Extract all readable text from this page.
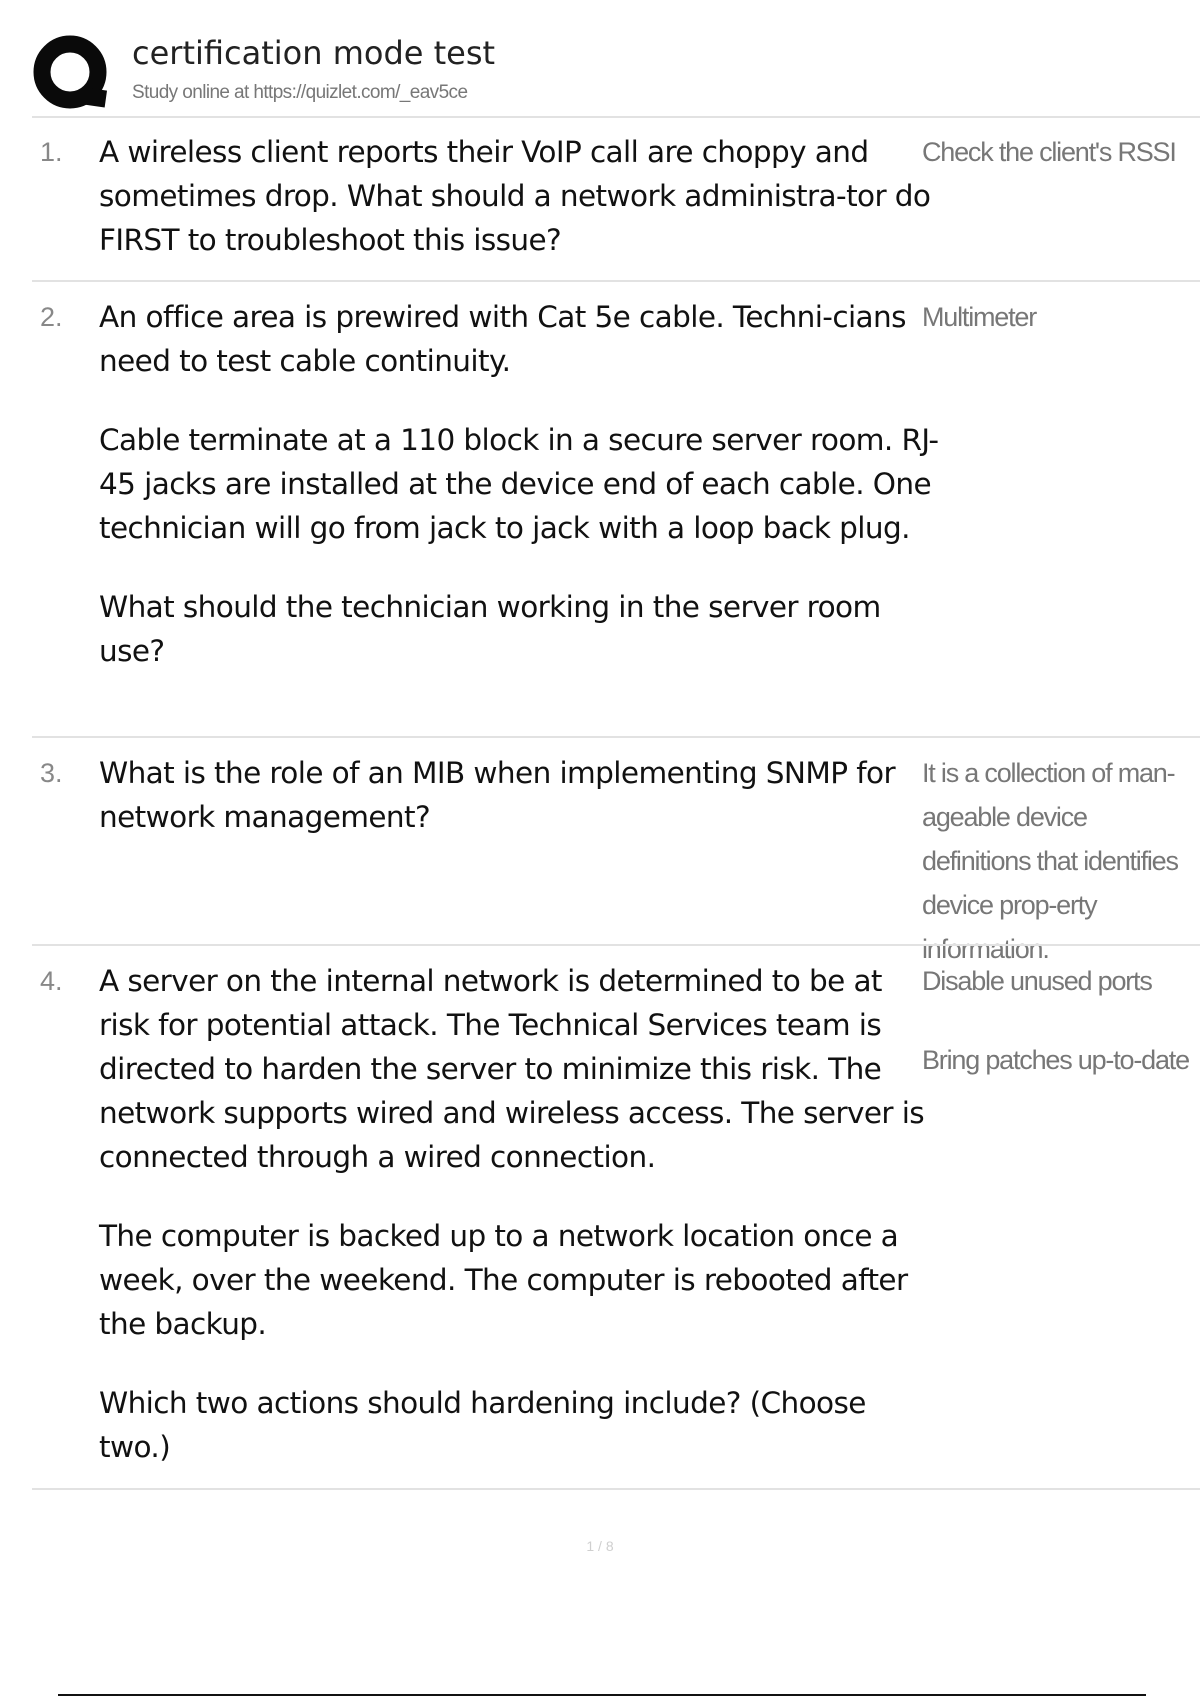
certification mode test
Study online at https://quizlet.com/_eav5ce
1. A wireless client reports their VoIP call are choppy and sometimes drop. What should a network administra-tor do FIRST to troubleshoot this issue?

Check the client's RSSI
2. An office area is prewired with Cat 5e cable. Techni-cians need to test cable continuity.

Cable terminate at a 110 block in a secure server room. RJ-45 jacks are installed at the device end of each cable. One technician will go from jack to jack with a loop back plug.

What should the technician working in the server room use?

Multimeter
3. What is the role of an MIB when implementing SNMP for network management?

It is a collection of man-ageable device definitions that identifies device prop-erty information.
4. A server on the internal network is determined to be at risk for potential attack. The Technical Services team is directed to harden the server to minimize this risk. The network supports wired and wireless access. The server is connected through a wired connection.

The computer is backed up to a network location once a week, over the weekend. The computer is rebooted after the backup.

Which two actions should hardening include? (Choose two.)

Disable unused ports
Bring patches up-to-date
1 / 8
